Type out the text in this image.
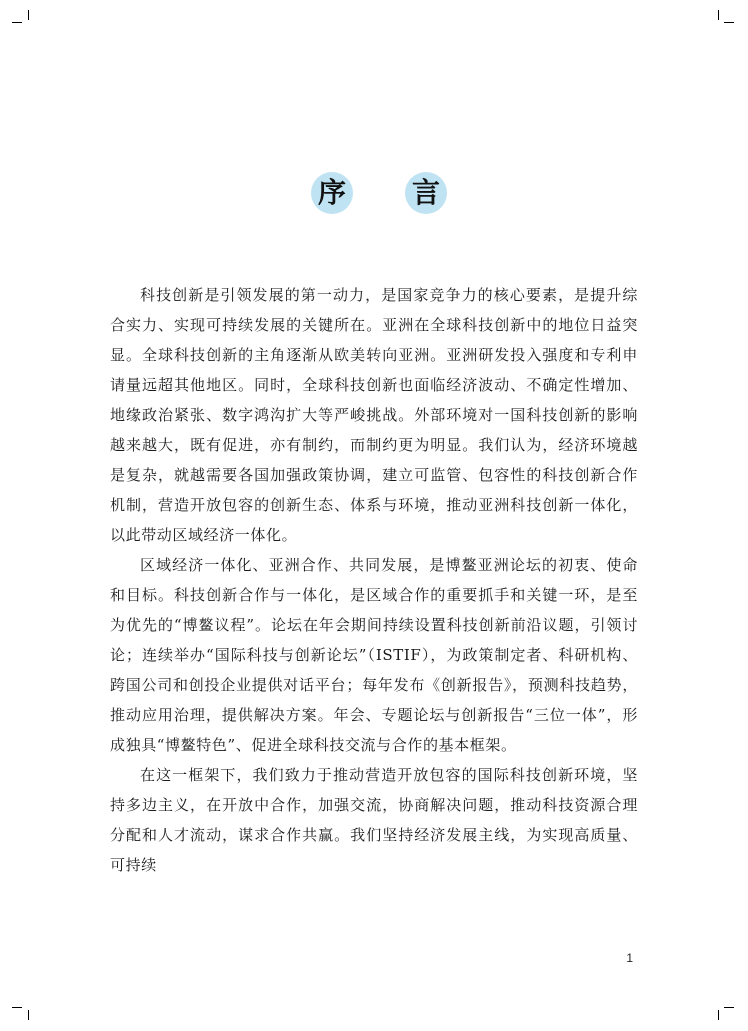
序 言

科技创新是引领发展的第一动力，是国家竞争力的核心要素，是提升综合实力、实现可持续发展的关键所在。亚洲在全球科技创新中的地位日益突显。全球科技创新的主角逐渐从欧美转向亚洲。亚洲研发投入强度和专利申请量远超其他地区。同时，全球科技创新也面临经济波动、不确定性增加、地缘政治紧张、数字鸿沟扩大等严峻挑战。外部环境对一国科技创新的影响越来越大，既有促进，亦有制约，而制约更为明显。我们认为，经济环境越是复杂，就越需要各国加强政策协调，建立可监管、包容性的科技创新合作机制，营造开放包容的创新生态、体系与环境，推动亚洲科技创新一体化，以此带动区域经济一体化。

区域经济一体化、亚洲合作、共同发展，是博鳌亚洲论坛的初衷、使命和目标。科技创新合作与一体化，是区域合作的重要抓手和关键一环，是至为优先的“博鳌议程”。论坛在年会期间持续设置科技创新前沿议题，引领讨论；连续举办“国际科技与创新论坛”（ISTIF），为政策制定者、科研机构、跨国公司和创投企业提供对话平台；每年发布《创新报告》，预测科技趋势，推动应用治理，提供解决方案。年会、专题论坛与创新报告“三位一体”，形成独具“博鳌特色”、促进全球科技交流与合作的基本框架。

在这一框架下，我们致力于推动营造开放包容的国际科技创新环境，坚持多边主义，在开放中合作，加强交流，协商解决问题，推动科技资源合理分配和人才流动，谋求合作共赢。我们坚持经济发展主线，为实现高质量、可持续

1
